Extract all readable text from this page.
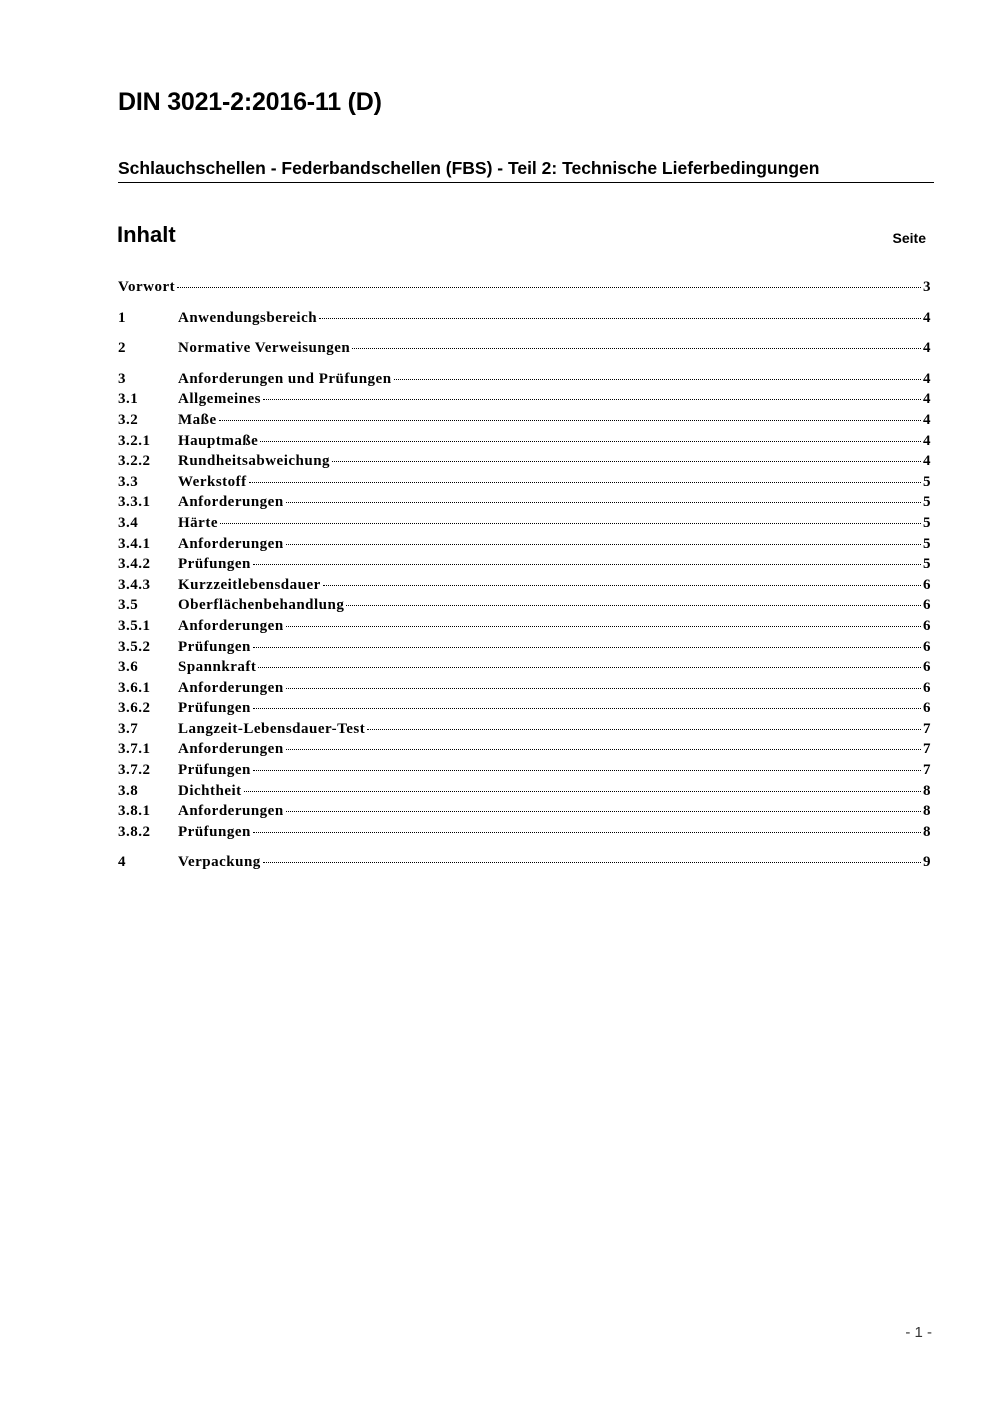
DIN 3021-2:2016-11 (D)
Schlauchschellen - Federbandschellen (FBS) - Teil 2: Technische Lieferbedingungen
Inhalt	Seite
Vorwort	3
1	Anwendungsbereich	4
2	Normative Verweisungen	4
3	Anforderungen und Prüfungen	4
3.1	Allgemeines	4
3.2	Maße	4
3.2.1	Hauptmaße	4
3.2.2	Rundheitsabweichung	4
3.3	Werkstoff	5
3.3.1	Anforderungen	5
3.4	Härte	5
3.4.1	Anforderungen	5
3.4.2	Prüfungen	5
3.4.3	Kurzzeitlebensdauer	6
3.5	Oberflächenbehandlung	6
3.5.1	Anforderungen	6
3.5.2	Prüfungen	6
3.6	Spannkraft	6
3.6.1	Anforderungen	6
3.6.2	Prüfungen	6
3.7	Langzeit-Lebensdauer-Test	7
3.7.1	Anforderungen	7
3.7.2	Prüfungen	7
3.8	Dichtheit	8
3.8.1	Anforderungen	8
3.8.2	Prüfungen	8
4	Verpackung	9
- 1 -
